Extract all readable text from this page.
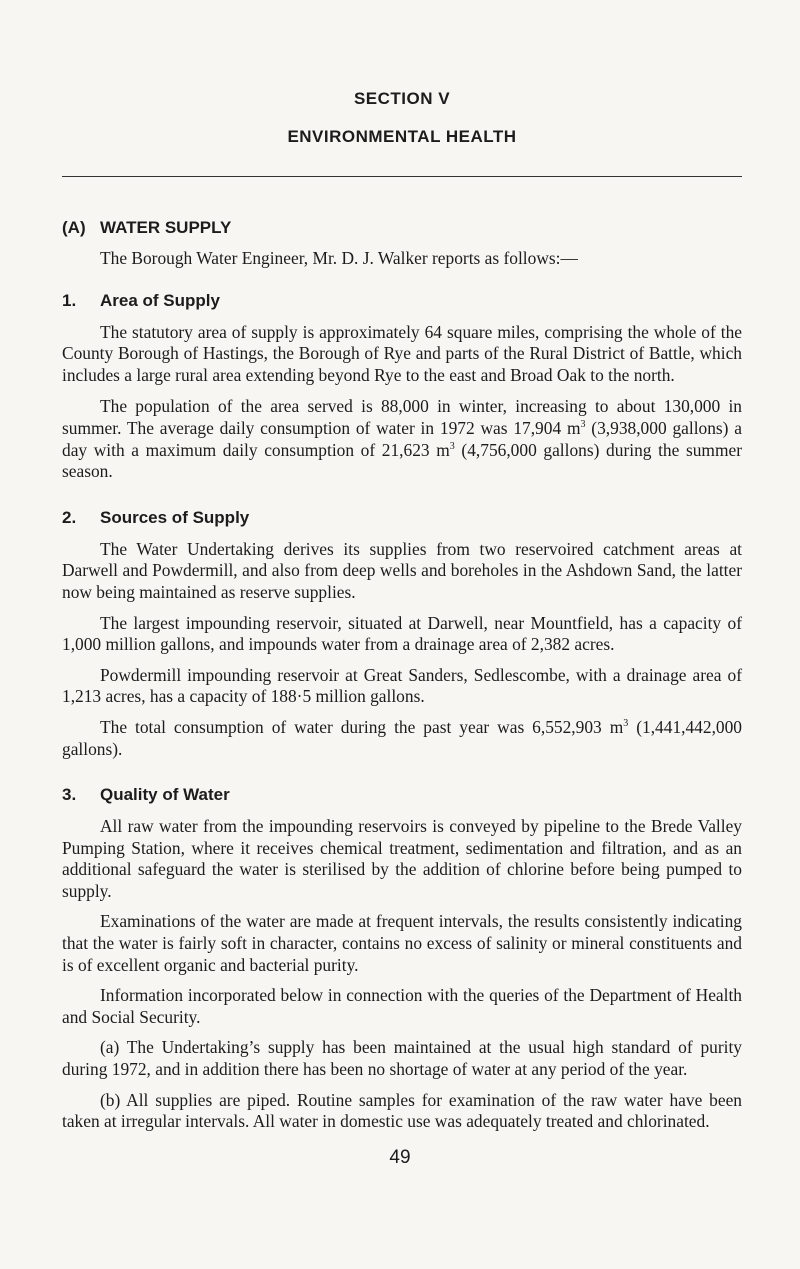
SECTION V
ENVIRONMENTAL HEALTH
(A) WATER SUPPLY

The Borough Water Engineer, Mr. D. J. Walker reports as follows:—

1. Area of Supply

The statutory area of supply is approximately 64 square miles, comprising the whole of the County Borough of Hastings, the Borough of Rye and parts of the Rural District of Battle, which includes a large rural area extending beyond Rye to the east and Broad Oak to the north.

The population of the area served is 88,000 in winter, increasing to about 130,000 in summer. The average daily consumption of water in 1972 was 17,904 $m^3$ (3,938,000 gallons) a day with a maximum daily consumption of 21,623 $m^3$ (4,756,000 gallons) during the summer season.

2. Sources of Supply

The Water Undertaking derives its supplies from two reservoired catchment areas at Darwell and Powdermill, and also from deep wells and boreholes in the Ashdown Sand, the latter now being maintained as reserve supplies.

The largest impounding reservoir, situated at Darwell, near Mountfield, has a capacity of 1,000 million gallons, and impounds water from a drainage area of 2,382 acres.

Powdermill impounding reservoir at Great Sanders, Sedlescombe, with a drainage area of 1,213 acres, has a capacity of 188·5 million gallons.

The total consumption of water during the past year was 6,552,903 $m^3$ (1,441,442,000 gallons).

3. Quality of Water

All raw water from the impounding reservoirs is conveyed by pipeline to the Brede Valley Pumping Station, where it receives chemical treatment, sedimentation and filtration, and as an additional safeguard the water is sterilised by the addition of chlorine before being pumped to supply.

Examinations of the water are made at frequent intervals, the results consistently indicating that the water is fairly soft in character, contains no excess of salinity or mineral constituents and is of excellent organic and bacterial purity.

Information incorporated below in connection with the queries of the Department of Health and Social Security.

(a) The Undertaking’s supply has been maintained at the usual high standard of purity during 1972, and in addition there has been no shortage of water at any period of the year.

(b) All supplies are piped. Routine samples for examination of the raw water have been taken at irregular intervals. All water in domestic use was adequately treated and chlorinated.

49
